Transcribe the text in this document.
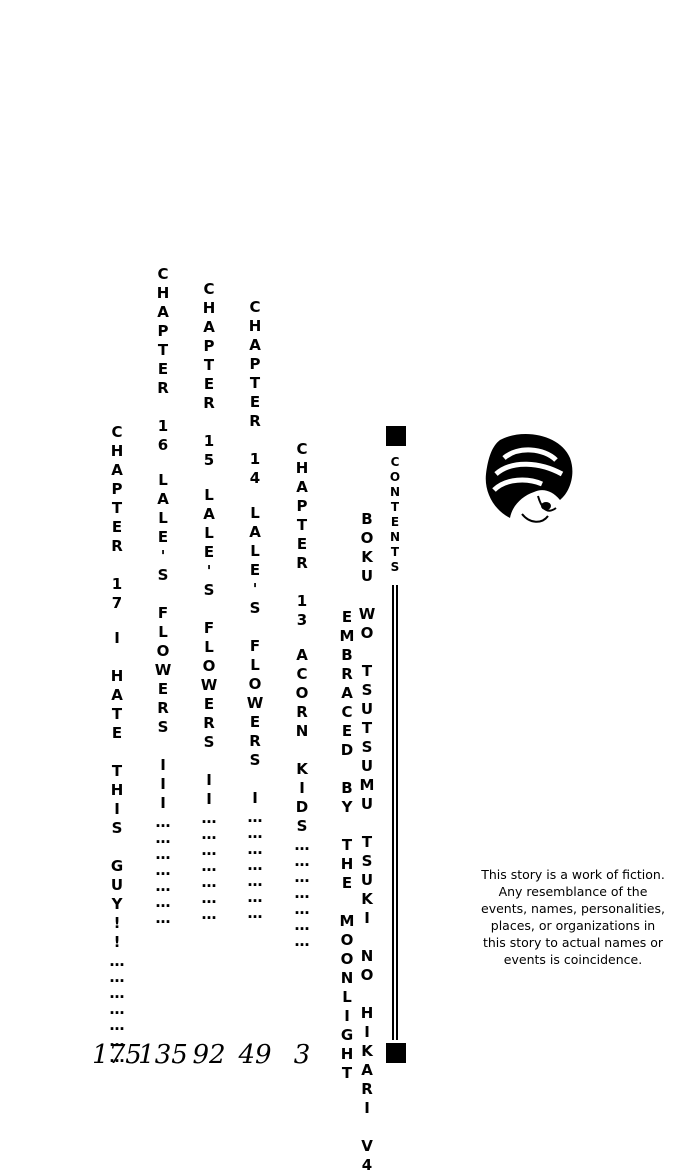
CHAPTER 13　ACORN KIDS…………………
CHAPTER 14　LALE'S FLOWERS I…………………
CHAPTER 15　LALE'S FLOWERS II…………………
CHAPTER 16　LALE'S FLOWERS III…………………
CHAPTER 17　I HATE THIS GUY!!…………………	3
49
92
135
175	EMBRACED BY THE MOONLIGHT BOKU WO TSUTSUMU TSUKI NO HIKARI V4 CONTENTS
This story is a work of fiction. Any resemblance of the events, names, personalities, places, or organizations in this story to actual names or events is coincidence.
